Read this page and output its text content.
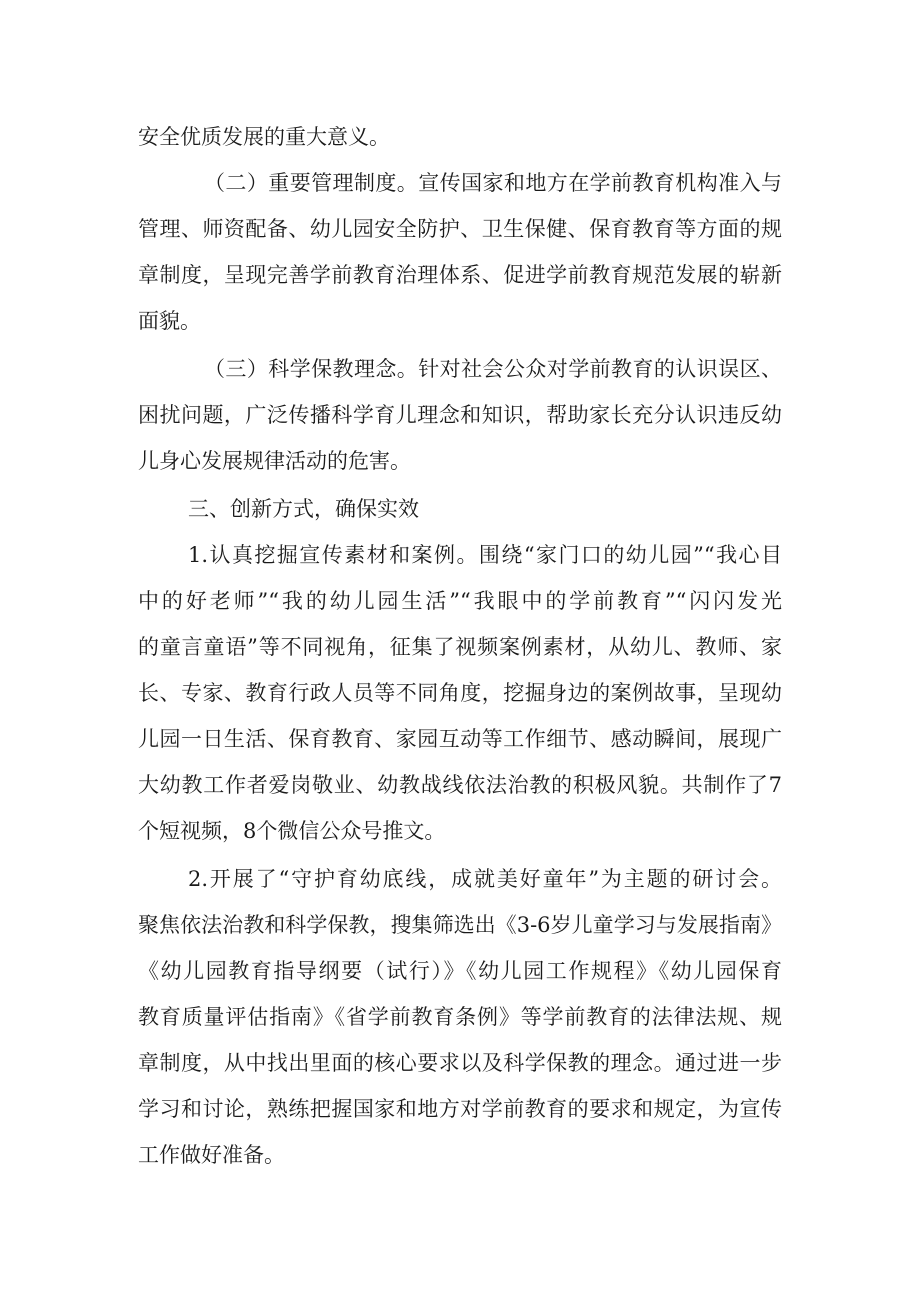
安全优质发展的重大意义。
（二）重要管理制度。宣传国家和地方在学前教育机构准入与
管理、师资配备、幼儿园安全防护、卫生保健、保育教育等方面的规
章制度，呈现完善学前教育治理体系、促进学前教育规范发展的崭新
面貌。
（三）科学保教理念。针对社会公众对学前教育的认识误区、
困扰问题，广泛传播科学育儿理念和知识，帮助家长充分认识违反幼
儿身心发展规律活动的危害。
三、创新方式，确保实效
1.认真挖掘宣传素材和案例。围绕“家门口的幼儿园”“我心目
中的好老师”“我的幼儿园生活”“我眼中的学前教育”“闪闪发光
的童言童语”等不同视角，征集了视频案例素材，从幼儿、教师、家
长、专家、教育行政人员等不同角度，挖掘身边的案例故事，呈现幼
儿园一日生活、保育教育、家园互动等工作细节、感动瞬间，展现广
大幼教工作者爱岗敬业、幼教战线依法治教的积极风貌。共制作了7
个短视频，8个微信公众号推文。
2.开展了“守护育幼底线，成就美好童年”为主题的研讨会。
聚焦依法治教和科学保教，搜集筛选出《3-6岁儿童学习与发展指南》
《幼儿园教育指导纲要（试行）》《幼儿园工作规程》《幼儿园保育
教育质量评估指南》《省学前教育条例》等学前教育的法律法规、规
章制度，从中找出里面的核心要求以及科学保教的理念。通过进一步
学习和讨论，熟练把握国家和地方对学前教育的要求和规定，为宣传
工作做好准备。
